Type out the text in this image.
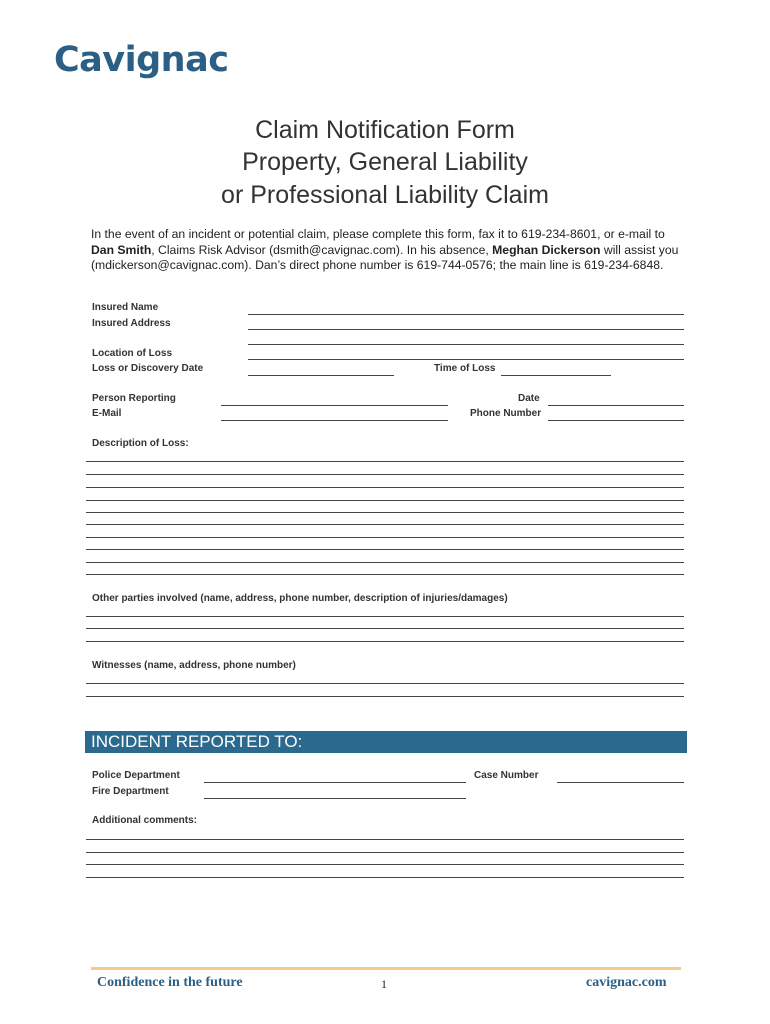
Cavignac
Claim Notification Form
Property, General Liability
or Professional Liability Claim
In the event of an incident or potential claim, please complete this form, fax it to 619-234-8601, or e-mail to Dan Smith, Claims Risk Advisor (dsmith@cavignac.com). In his absence, Meghan Dickerson will assist you (mdickerson@cavignac.com). Dan’s direct phone number is 619-744-0576; the main line is 619-234-6848.
Insured Name
Insured Address
Location of Loss
Loss or Discovery Date	Time of Loss
Person Reporting	Date
E-Mail	Phone Number
Description of Loss:
Other parties involved (name, address, phone number, description of injuries/damages)
Witnesses (name, address, phone number)
INCIDENT REPORTED TO:
Police Department	Case Number
Fire Department
Additional comments:
Confidence in the future	1	cavignac.com
